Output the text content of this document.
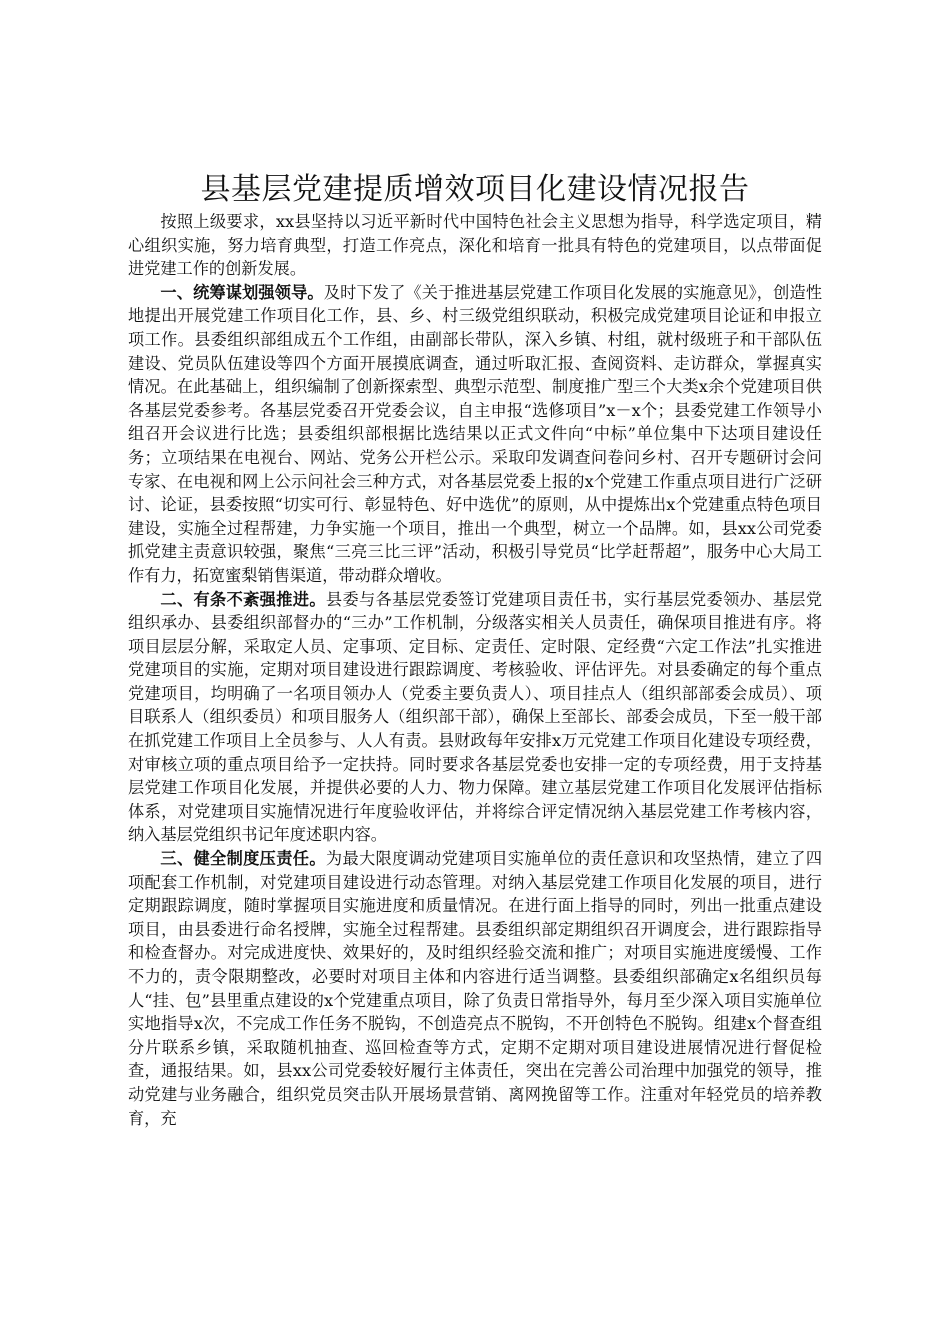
县基层党建提质增效项目化建设情况报告

按照上级要求，xx县坚持以习近平新时代中国特色社会主义思想为指导，科学选定项目，精心组织实施，努力培育典型，打造工作亮点，深化和培育一批具有特色的党建项目，以点带面促进党建工作的创新发展。

一、统筹谋划强领导。及时下发了《关于推进基层党建工作项目化发展的实施意见》，创造性地提出开展党建工作项目化工作，县、乡、村三级党组织联动，积极完成党建项目论证和申报立项工作。县委组织部组成五个工作组，由副部长带队，深入乡镇、村组，就村级班子和干部队伍建设、党员队伍建设等四个方面开展摸底调查，通过听取汇报、查阅资料、走访群众，掌握真实情况。在此基础上，组织编制了创新探索型、典型示范型、制度推广型三个大类x余个党建项目供各基层党委参考。各基层党委召开党委会议，自主申报“选修项目”x－x个；县委党建工作领导小组召开会议进行比选；县委组织部根据比选结果以正式文件向“中标”单位集中下达项目建设任务；立项结果在电视台、网站、党务公开栏公示。采取印发调查问卷问乡村、召开专题研讨会问专家、在电视和网上公示问社会三种方式，对各基层党委上报的x个党建工作重点项目进行广泛研讨、论证，县委按照“切实可行、彰显特色、好中选优”的原则，从中提炼出x个党建重点特色项目建设，实施全过程帮建，力争实施一个项目，推出一个典型，树立一个品牌。如，县xx公司党委抓党建主责意识较强，聚焦“三亮三比三评”活动，积极引导党员“比学赶帮超”，服务中心大局工作有力，拓宽蜜梨销售渠道，带动群众增收。

二、有条不紊强推进。县委与各基层党委签订党建项目责任书，实行基层党委领办、基层党组织承办、县委组织部督办的“三办”工作机制，分级落实相关人员责任，确保项目推进有序。将项目层层分解，采取定人员、定事项、定目标、定责任、定时限、定经费“六定工作法”扎实推进党建项目的实施，定期对项目建设进行跟踪调度、考核验收、评估评先。对县委确定的每个重点党建项目，均明确了一名项目领办人（党委主要负责人）、项目挂点人（组织部部委会成员）、项目联系人（组织委员）和项目服务人（组织部干部），确保上至部长、部委会成员，下至一般干部在抓党建工作项目上全员参与、人人有责。县财政每年安排x万元党建工作项目化建设专项经费，对审核立项的重点项目给予一定扶持。同时要求各基层党委也安排一定的专项经费，用于支持基层党建工作项目化发展，并提供必要的人力、物力保障。建立基层党建工作项目化发展评估指标体系，对党建项目实施情况进行年度验收评估，并将综合评定情况纳入基层党建工作考核内容，纳入基层党组织书记年度述职内容。

三、健全制度压责任。为最大限度调动党建项目实施单位的责任意识和攻坚热情，建立了四项配套工作机制，对党建项目建设进行动态管理。对纳入基层党建工作项目化发展的项目，进行定期跟踪调度，随时掌握项目实施进度和质量情况。在进行面上指导的同时，列出一批重点建设项目，由县委进行命名授牌，实施全过程帮建。县委组织部定期组织召开调度会，进行跟踪指导和检查督办。对完成进度快、效果好的，及时组织经验交流和推广；对项目实施进度缓慢、工作不力的，责令限期整改，必要时对项目主体和内容进行适当调整。县委组织部确定x名组织员每人“挂、包”县里重点建设的x个党建重点项目，除了负责日常指导外，每月至少深入项目实施单位实地指导x次，不完成工作任务不脱钩，不创造亮点不脱钩，不开创特色不脱钩。组建x个督查组分片联系乡镇，采取随机抽查、巡回检查等方式，定期不定期对项目建设进展情况进行督促检查，通报结果。如，县xx公司党委较好履行主体责任，突出在完善公司治理中加强党的领导，推动党建与业务融合，组织党员突击队开展场景营销、离网挽留等工作。注重对年轻党员的培养教育，充
